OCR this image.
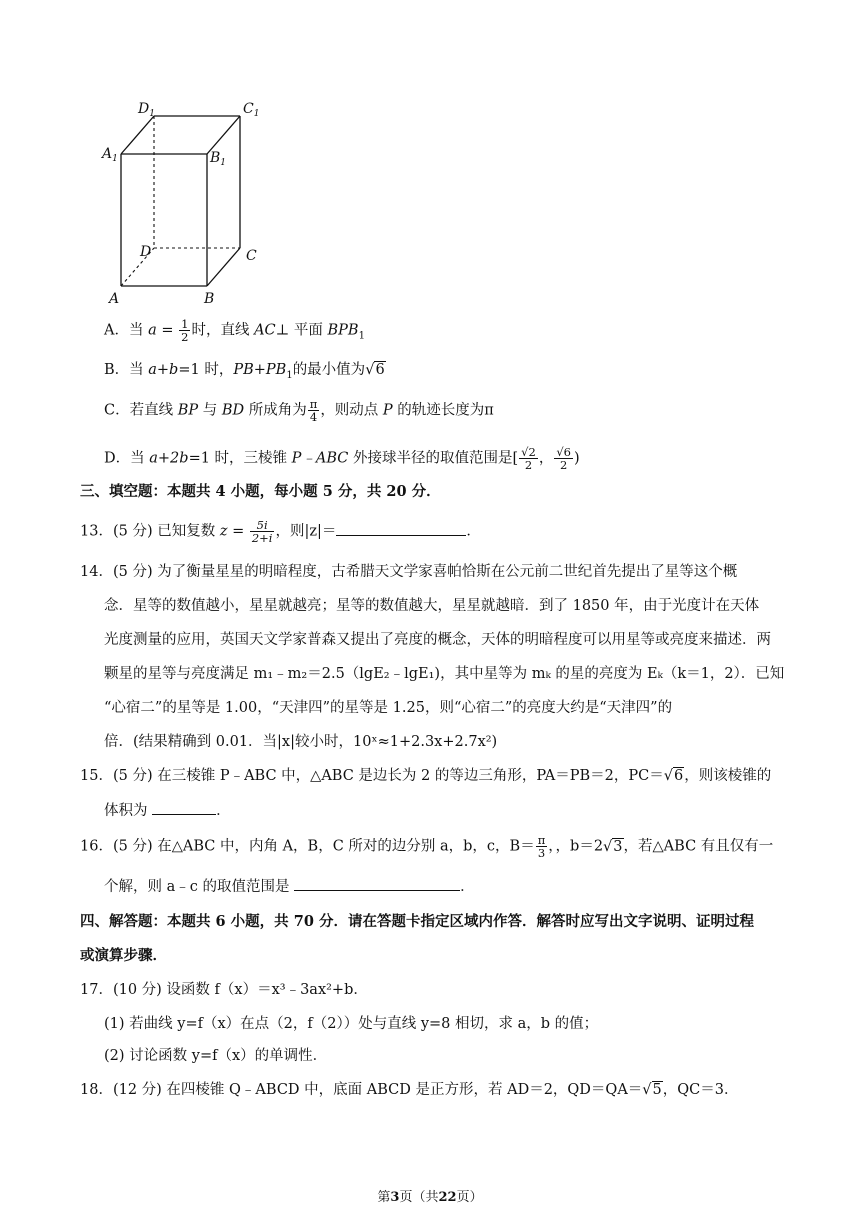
$D_1$	$C_1$
$A_1$	$B_1$
D	C
A	B
A．当 $a = \frac{1}{2}$ 时，直线 AC⊥ 平面 $BPB_1$
B．当 a+b=1 时，$PB+PB_1$的最小值为√6
C．若直线 BP 与 BD 所成角为 $\frac{\pi}{4}$ ，则动点 P 的轨迹长度为π
D．当 a+2b=1 时，三棱锥 P﹣ABC 外接球半径的取值范围是[ $\frac{√2}{2}$ ， $\frac{√6}{2}$ )
三、填空题：本题共 4 小题，每小题 5 分，共 20 分．
13．(5 分) 已知复数 $z = \frac{5i}{2+i}$ ，则|z|＝	．
14．(5 分) 为了衡量星星的明暗程度，古希腊天文学家喜帕恰斯在公元前二世纪首先提出了星等这个概
念．星等的数值越小，星星就越亮；星等的数值越大，星星就越暗．到了 1850 年，由于光度计在天体
光度测量的应用，英国天文学家普森又提出了亮度的概念，天体的明暗程度可以用星等或亮度来描述．两
颗星的星等与亮度满足 m₁﹣m₂＝2.5（lgE₂﹣lgE₁)，其中星等为 mₖ 的星的亮度为 Eₖ（k＝1，2）．已知
“心宿二”的星等是 1.00，“天津四”的星等是 1.25，则“心宿二”的亮度大约是“天津四”的
倍．(结果精确到 0.01．当|x|较小时，10ˣ≈1+2.3x+2.7x²)
15．(5 分) 在三棱锥 P﹣ABC 中，△ABC 是边长为 2 的等边三角形，PA＝PB＝2，PC＝√6，则该棱锥的
体积为	．
16．(5 分) 在△ABC 中，内角 A，B，C 所对的边分别 a，b，c，$B= \frac{\pi}{3}$ ，，b＝2√3，若△ABC 有且仅有一
个解，则 a﹣c 的取值范围是	．
四、解答题：本题共 6 小题，共 70 分．请在答题卡指定区域内作答．解答时应写出文字说明、证明过程
或演算步骤．
17．(10 分) 设函数 f（x）＝x³﹣3ax²+b．
(1) 若曲线 y=f（x）在点（2，f（2））处与直线 y=8 相切，求 a，b 的值；
(2) 讨论函数 y=f（x）的单调性．
18．(12 分) 在四棱锥 Q﹣ABCD 中，底面 ABCD 是正方形，若 AD＝2，QD＝QA＝√5，QC＝3．
第3页（共22页）
